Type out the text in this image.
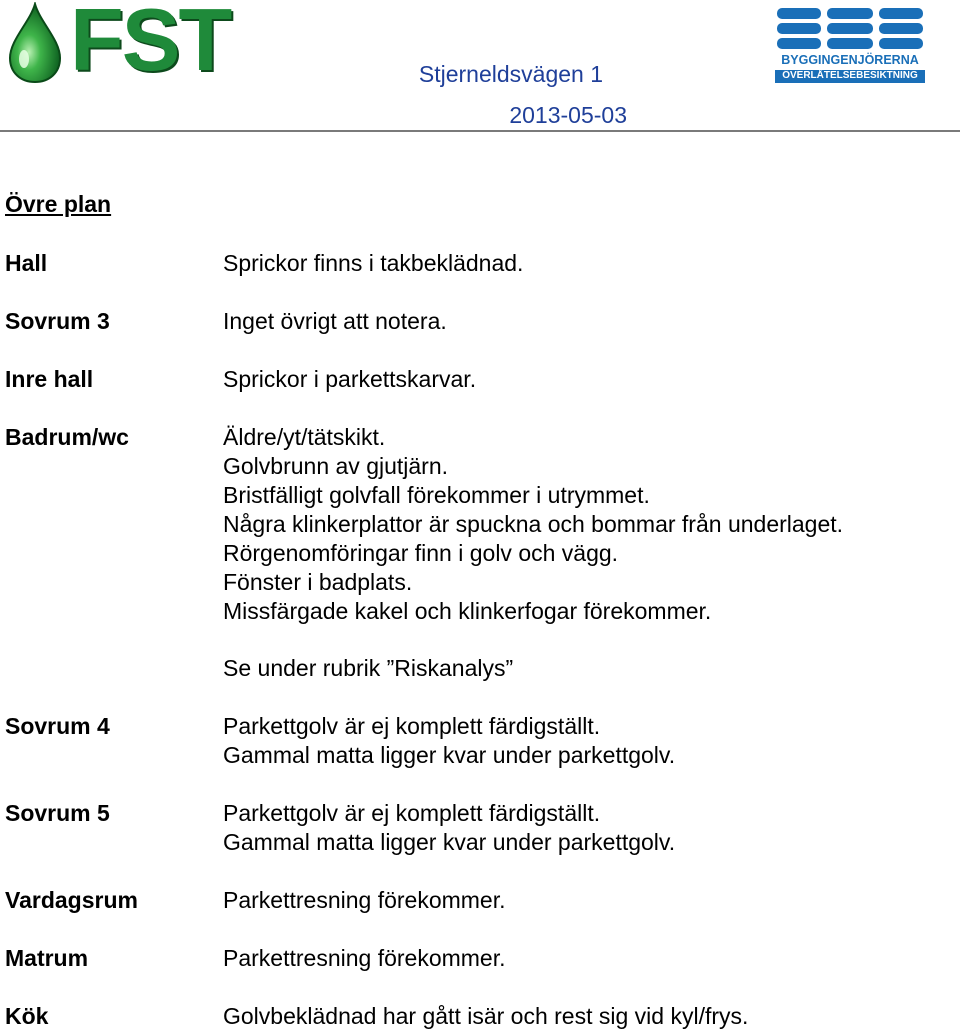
FST	BYGGINGENJÖRERNA
ÖVERLÅTELSEBESIKTNING
Stjerneldsvägen 1
2013-05-03
Övre plan
Hall	Sprickor finns i takbeklädnad.
Sovrum 3	Inget övrigt att notera.
Inre hall	Sprickor i parkettskarvar.
Badrum/wc	Äldre/yt/tätskikt.
Golvbrunn av gjutjärn.
Bristfälligt golvfall förekommer i utrymmet.
Några klinkerplattor är spuckna och bommar från underlaget.
Rörgenomföringar finn i golv och vägg.
Fönster i badplats.
Missfärgade kakel och klinkerfogar förekommer.
Se under rubrik ”Riskanalys”
Sovrum 4	Parkettgolv är ej komplett färdigställt.
Gammal matta ligger kvar under parkettgolv.
Sovrum 5	Parkettgolv är ej komplett färdigställt.
Gammal matta ligger kvar under parkettgolv.
Vardagsrum	Parkettresning förekommer.
Matrum	Parkettresning förekommer.
Kök	Golvbeklädnad har gått isär och rest sig vid kyl/frys.
